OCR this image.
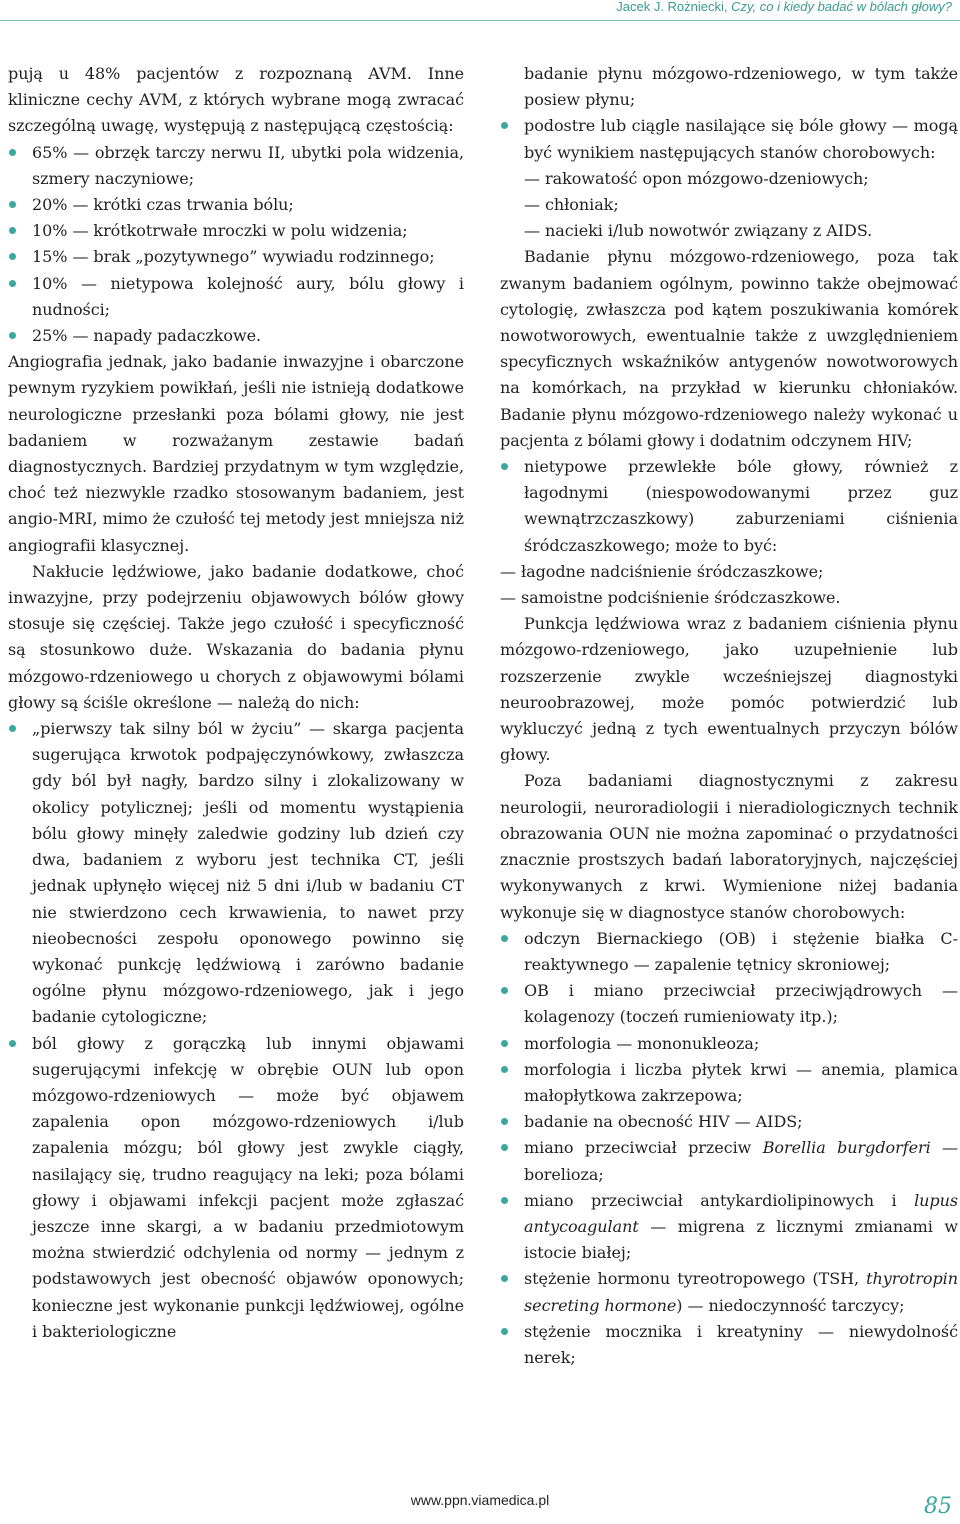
Jacek J. Rożniecki, Czy, co i kiedy badać w bólach głowy?

pują u 48% pacjentów z rozpoznaną AVM. Inne kliniczne cechy AVM, z których wybrane mogą zwracać szczególną uwagę, występują z następującą częstością:

65% — obrzęk tarczy nerwu II, ubytki pola widzenia, szmery naczyniowe;
20% — krótki czas trwania bólu;
10% — krótkotrwałe mroczki w polu widzenia;
15% — brak „pozytywnego” wywiadu rodzinnego;
10% — nietypowa kolejność aury, bólu głowy i nudności;
25% — napady padaczkowe.

Angiografia jednak, jako badanie inwazyjne i obarczone pewnym ryzykiem powikłań, jeśli nie istnieją dodatkowe neurologiczne przesłanki poza bólami głowy, nie jest badaniem w rozważanym zestawie badań diagnostycznych. Bardziej przydatnym w tym względzie, choć też niezwykle rzadko stosowanym badaniem, jest angio-MRI, mimo że czułość tej metody jest mniejsza niż angiografii klasycznej.

Nakłucie lędźwiowe, jako badanie dodatkowe, choć inwazyjne, przy podejrzeniu objawowych bólów głowy stosuje się częściej. Także jego czułość i specyficzność są stosunkowo duże. Wskazania do badania płynu mózgowo-rdzeniowego u chorych z objawowymi bólami głowy są ściśle określone — należą do nich:

„pierwszy tak silny ból w życiu” — skarga pacjenta sugerująca krwotok podpajęczynówkowy, zwłaszcza gdy ból był nagły, bardzo silny i zlokalizowany w okolicy potylicznej; jeśli od momentu wystąpienia bólu głowy minęły zaledwie godziny lub dzień czy dwa, badaniem z wyboru jest technika CT, jeśli jednak upłynęło więcej niż 5 dni i/lub w badaniu CT nie stwierdzono cech krwawienia, to nawet przy nieobecności zespołu oponowego powinno się wykonać punkcję lędźwiową i zarówno badanie ogólne płynu mózgowo-rdzeniowego, jak i jego badanie cytologiczne;
ból głowy z gorączką lub innymi objawami sugerującymi infekcję w obrębie OUN lub opon mózgowo-rdzeniowych — może być objawem zapalenia opon mózgowo-rdzeniowych i/lub zapalenia mózgu; ból głowy jest zwykle ciągły, nasilający się, trudno reagujący na leki; poza bólami głowy i objawami infekcji pacjent może zgłaszać jeszcze inne skargi, a w badaniu przedmiotowym można stwierdzić odchylenia od normy — jednym z podstawowych jest obecność objawów oponowych; konieczne jest wykonanie punkcji lędźwiowej, ogólne i bakteriologiczne
badanie płynu mózgowo-rdzeniowego, w tym także posiew płynu;
podostre lub ciągle nasilające się bóle głowy — mogą być wynikiem następujących stanów chorobowych:
— rakowatość opon mózgowo-dzeniowych;
— chłoniak;
— nacieki i/lub nowotwór związany z AIDS.

Badanie płynu mózgowo-rdzeniowego, poza tak zwanym badaniem ogólnym, powinno także obejmować cytologię, zwłaszcza pod kątem poszukiwania komórek nowotworowych, ewentualnie także z uwzględnieniem specyficznych wskaźników antygenów nowotworowych na komórkach, na przykład w kierunku chłoniaków. Badanie płynu mózgowo-rdzeniowego należy wykonać u pacjenta z bólami głowy i dodatnim odczynem HIV;

nietypowe przewlekłe bóle głowy, również z łagodnymi (niespowodowanymi przez guz wewnątrzczaszkowy) zaburzeniami ciśnienia śródczaszkowego; może to być:
— łagodne nadciśnienie śródczaszkowe;
— samoistne podciśnienie śródczaszkowe.

Punkcja lędźwiowa wraz z badaniem ciśnienia płynu mózgowo-rdzeniowego, jako uzupełnienie lub rozszerzenie zwykle wcześniejszej diagnostyki neuroobrazowej, może pomóc potwierdzić lub wykluczyć jedną z tych ewentualnych przyczyn bólów głowy.

Poza badaniami diagnostycznymi z zakresu neurologii, neuroradiologii i nieradiologicznych technik obrazowania OUN nie można zapominać o przydatności znacznie prostszych badań laboratoryjnych, najczęściej wykonywanych z krwi. Wymienione niżej badania wykonuje się w diagnostyce stanów chorobowych:

odczyn Biernackiego (OB) i stężenie białka C-reaktywnego — zapalenie tętnicy skroniowej;
OB i miano przeciwciał przeciwjądrowych — kolagenozy (toczeń rumieniowaty itp.);
morfologia — mononukleoza;
morfologia i liczba płytek krwi — anemia, plamica małopłytkowa zakrzepowa;
badanie na obecność HIV — AIDS;
miano przeciwciał przeciw Borellia burgdorferi — borelioza;
miano przeciwciał antykardiolipinowych i lupus antycoagulant — migrena z licznymi zmianami w istocie białej;
stężenie hormonu tyreotropowego (TSH, thyrotropin secreting hormone) — niedoczynność tarczycy;
stężenie mocznika i kreatyniny — niewydolność nerek;
www.ppn.viamedica.pl	85
